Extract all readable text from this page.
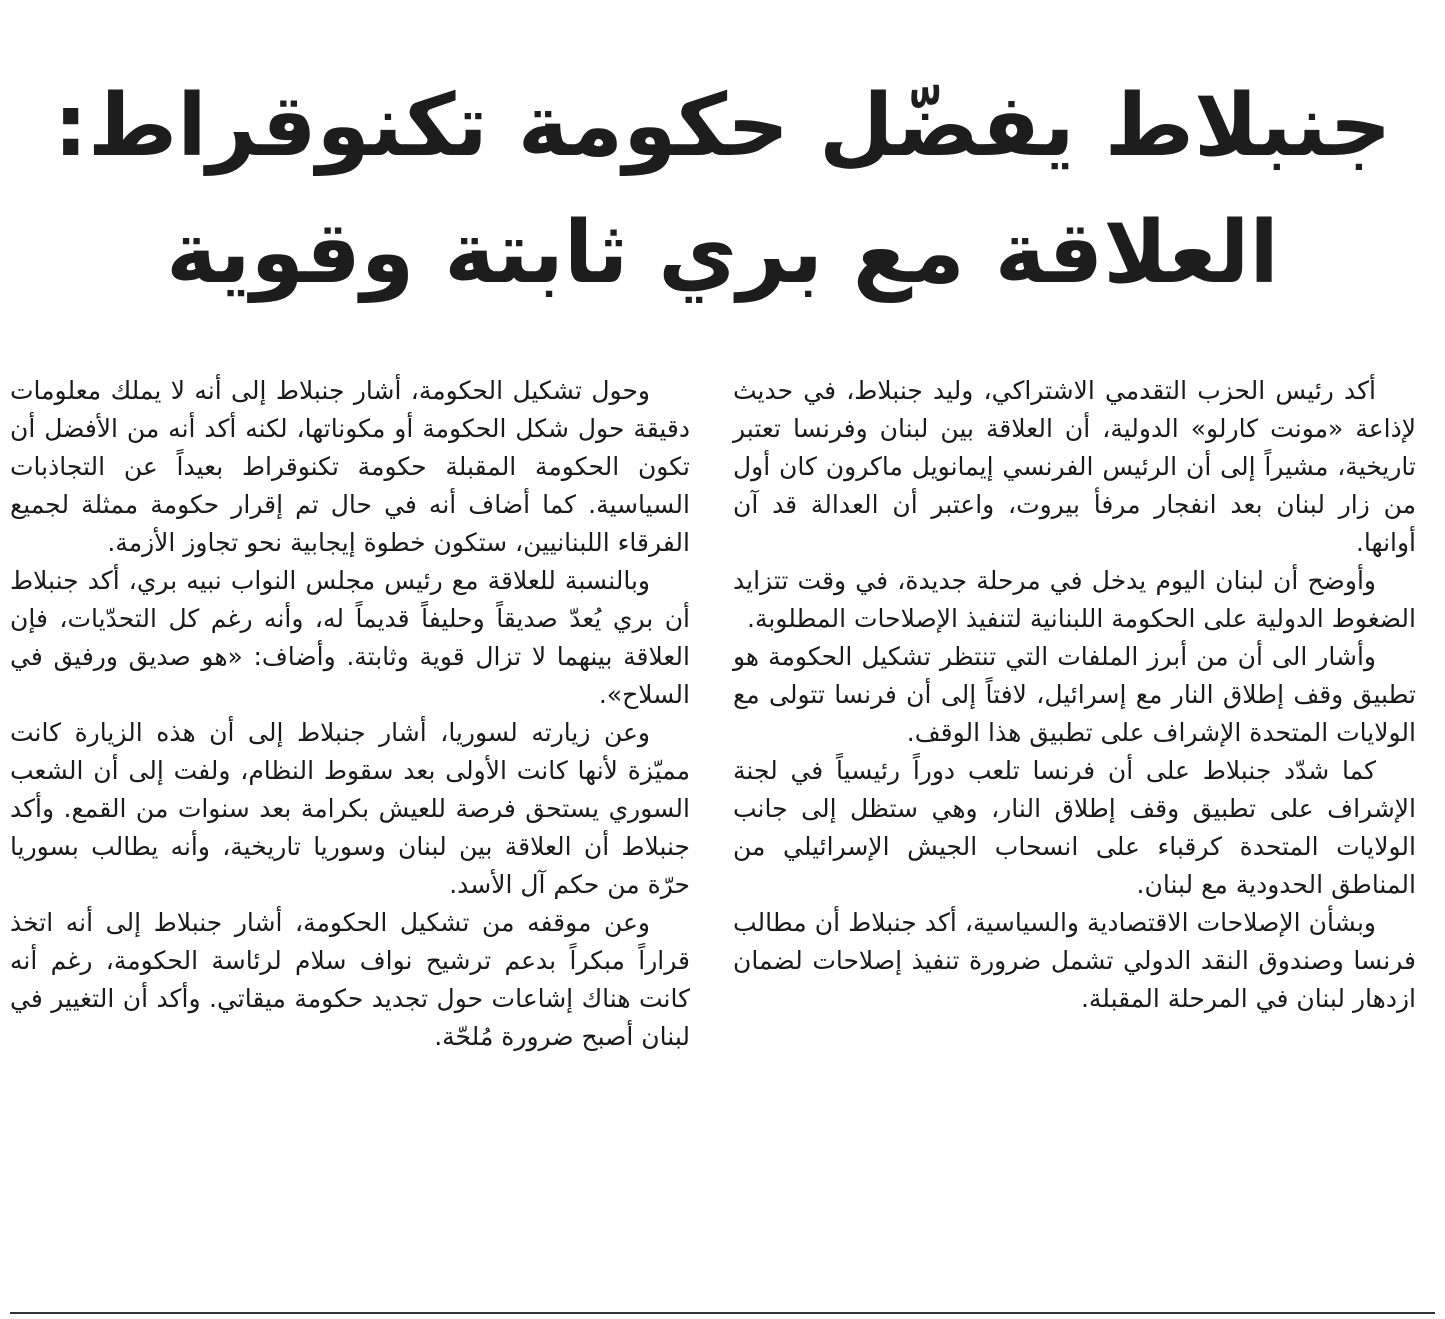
جنبلاط يفضّل حكومة تكنوقراط:
العلاقة مع بري ثابتة وقوية

أكد رئيس الحزب التقدمي الاشتراكي، وليد جنبلاط، في حديث لإذاعة «مونت كارلو» الدولية، أن العلاقة بين لبنان وفرنسا تعتبر تاريخية، مشيراً إلى أن الرئيس الفرنسي إيمانويل ماكرون كان أول من زار لبنان بعد انفجار مرفأ بيروت، واعتبر أن العدالة قد آن أوانها.

وأوضح أن لبنان اليوم يدخل في مرحلة جديدة، في وقت تتزايد الضغوط الدولية على الحكومة اللبنانية لتنفيذ الإصلاحات المطلوبة.

وأشار الى أن من أبرز الملفات التي تنتظر تشكيل الحكومة هو تطبيق وقف إطلاق النار مع إسرائيل، لافتاً إلى أن فرنسا تتولى مع الولايات المتحدة الإشراف على تطبيق هذا الوقف.

كما شدّد جنبلاط على أن فرنسا تلعب دوراً رئيسياً في لجنة الإشراف على تطبيق وقف إطلاق النار، وهي ستظل إلى جانب الولايات المتحدة كرقباء على انسحاب الجيش الإسرائيلي من المناطق الحدودية مع لبنان.

وبشأن الإصلاحات الاقتصادية والسياسية، أكد جنبلاط أن مطالب فرنسا وصندوق النقد الدولي تشمل ضرورة تنفيذ إصلاحات لضمان ازدهار لبنان في المرحلة المقبلة.

وحول تشكيل الحكومة، أشار جنبلاط إلى أنه لا يملك معلومات دقيقة حول شكل الحكومة أو مكوناتها، لكنه أكد أنه من الأفضل أن تكون الحكومة المقبلة حكومة تكنوقراط بعيداً عن التجاذبات السياسية. كما أضاف أنه في حال تم إقرار حكومة ممثلة لجميع الفرقاء اللبنانيين، ستكون خطوة إيجابية نحو تجاوز الأزمة.

وبالنسبة للعلاقة مع رئيس مجلس النواب نبيه بري، أكد جنبلاط أن بري يُعدّ صديقاً وحليفاً قديماً له، وأنه رغم كل التحدّيات، فإن العلاقة بينهما لا تزال قوية وثابتة. وأضاف: «هو صديق ورفيق في السلاح».

وعن زيارته لسوريا، أشار جنبلاط إلى أن هذه الزيارة كانت مميّزة لأنها كانت الأولى بعد سقوط النظام، ولفت إلى أن الشعب السوري يستحق فرصة للعيش بكرامة بعد سنوات من القمع. وأكد جنبلاط أن العلاقة بين لبنان وسوريا تاريخية، وأنه يطالب بسوريا حرّة من حكم آل الأسد.

وعن موقفه من تشكيل الحكومة، أشار جنبلاط إلى أنه اتخذ قراراً مبكراً بدعم ترشيح نواف سلام لرئاسة الحكومة، رغم أنه كانت هناك إشاعات حول تجديد حكومة ميقاتي. وأكد أن التغيير في لبنان أصبح ضرورة مُلحّة.
